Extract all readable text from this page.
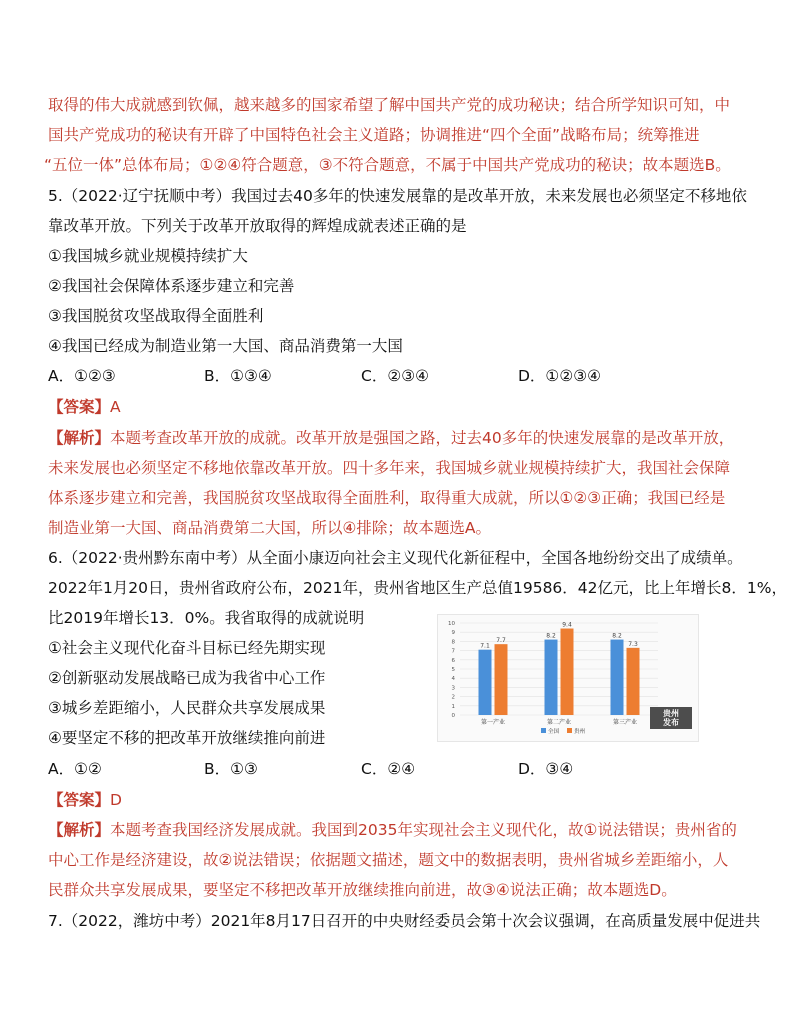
取得的伟大成就感到钦佩，越来越多的国家希望了解中国共产党的成功秘诀；结合所学知识可知，中
国共产党成功的秘诀有开辟了中国特色社会主义道路；协调推进“四个全面”战略布局；统筹推进
“五位一体”总体布局；①②④符合题意，③不符合题意，不属于中国共产党成功的秘诀；故本题选B。
5.（2022·辽宁抚顺中考）我国过去40多年的快速发展靠的是改革开放，未来发展也必须坚定不移地依
靠改革开放。下列关于改革开放取得的辉煌成就表述正确的是
①我国城乡就业规模持续扩大
②我国社会保障体系逐步建立和完善
③我国脱贫攻坚战取得全面胜利
④我国已经成为制造业第一大国、商品消费第一大国
A．①②③	B．①③④	C．②③④	D．①②③④
【答案】A
【解析】本题考查改革开放的成就。改革开放是强国之路，过去40多年的快速发展靠的是改革开放，
未来发展也必须坚定不移地依靠改革开放。四十多年来，我国城乡就业规模持续扩大，我国社会保障
体系逐步建立和完善，我国脱贫攻坚战取得全面胜利，取得重大成就，所以①②③正确；我国已经是
制造业第一大国、商品消费第二大国，所以④排除；故本题选A。
6.（2022·贵州黔东南中考）从全面小康迈向社会主义现代化新征程中，全国各地纷纷交出了成绩单。
2022年1月20日，贵州省政府公布，2021年，贵州省地区生产总值19586．42亿元，比上年增长8．1%，
比2019年增长13．0%。我省取得的成就说明
①社会主义现代化奋斗目标已经先期实现
②创新驱动发展战略已成为我省中心工作
③城乡差距缩小，人民群众共享发展成果
④要坚定不移的把改革开放继续推向前进
A．①②	B．①③	C．②④	D．③④
【答案】D
【解析】本题考查我国经济发展成就。我国到2035年实现社会主义现代化，故①说法错误；贵州省的
中心工作是经济建设，故②说法错误；依据题文描述，题文中的数据表明，贵州省城乡差距缩小，人
民群众共享发展成果，要坚定不移把改革开放继续推向前进，故③④说法正确；故本题选D。
7.（2022，潍坊中考）2021年8月17日召开的中央财经委员会第十次会议强调，在高质量发展中促进共
0
1
2
3
4
5
6
7
8
9
10
7.1
7.7
第一产业
8.2
9.4
第二产业
8.2
7.3
第三产业
全国	贵州
贵州
发布
